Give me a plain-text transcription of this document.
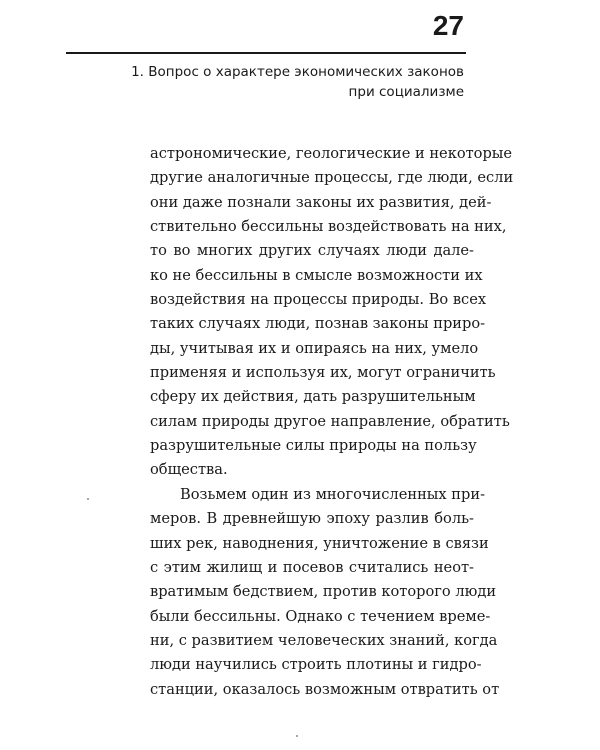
27
1. Вопрос о характере экономических законов
при социализме
астрономические, геологические и некоторые
другие аналогичные процессы, где люди, если
они даже познали законы их развития, дей-
ствительно бессильны воздействовать на них,
то во многих других случаях люди дале-
ко не бессильны в смысле возможности их
воздействия на процессы природы. Во всех
таких случаях люди, познав законы приро-
ды, учитывая их и опираясь на них, умело
применяя и используя их, могут ограничить
сферу их действия, дать разрушительным
силам природы другое направление, обратить
разрушительные силы природы на пользу
общества.
Возьмем один из многочисленных при-
меров. В древнейшую эпоху разлив боль-
ших рек, наводнения, уничтожение в связи
с этим жилищ и посевов считались неот-
вратимым бедствием, против которого люди
были бессильны. Однако с течением време-
ни, с развитием человеческих знаний, когда
люди научились строить плотины и гидро-
станции, оказалось возможным отвратить от
